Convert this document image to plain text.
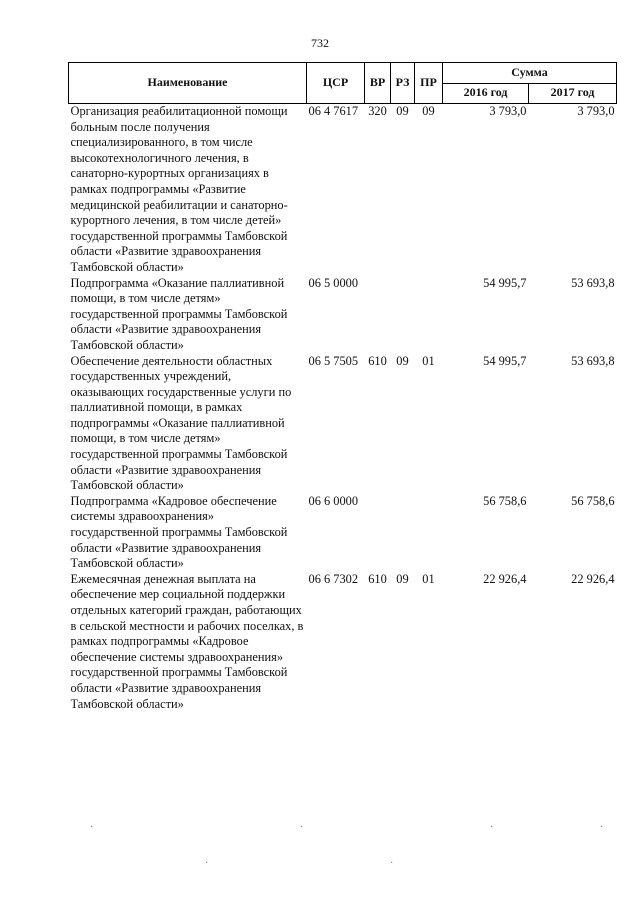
732
Наименование	ЦСР	ВР	РЗ	ПР	Сумма	
					2016 год	2017 год
Организация реабилитационной помощи больным после получения специализированного, в том числе высокотехнологичного лечения, в санаторно-курортных организациях в рамках подпрограммы «Развитие медицинской реабилитации и санаторно-курортного лечения, в том числе детей» государственной программы Тамбовской области «Развитие здравоохранения Тамбовской области»	06 4 7617	320	09	09	3 793,0	3 793,0
Подпрограмма «Оказание паллиативной помощи, в том числе детям» государственной программы Тамбовской области «Развитие здравоохранения Тамбовской области»	06 5 0000				54 995,7	53 693,8
Обеспечение деятельности областных государственных учреждений, оказывающих государственные услуги по паллиативной помощи, в рамках подпрограммы «Оказание паллиативной помощи, в том числе детям» государственной программы Тамбовской области «Развитие здравоохранения Тамбовской области»	06 5 7505	610	09	01	54 995,7	53 693,8
Подпрограмма «Кадровое обеспечение системы здравоохранения» государственной программы Тамбовской области «Развитие здравоохранения Тамбовской области»	06 6 0000				56 758,6	56 758,6
Ежемесячная денежная выплата на обеспечение мер социальной поддержки отдельных категорий граждан, работающих в сельской местности и рабочих поселках, в рамках подпрограммы «Кадровое обеспечение системы здравоохранения» государственной программы Тамбовской области «Развитие здравоохранения Тамбовской области»	06 6 7302	610	09	01	22 926,4	22 926,4
·	·	·	·
·	·
